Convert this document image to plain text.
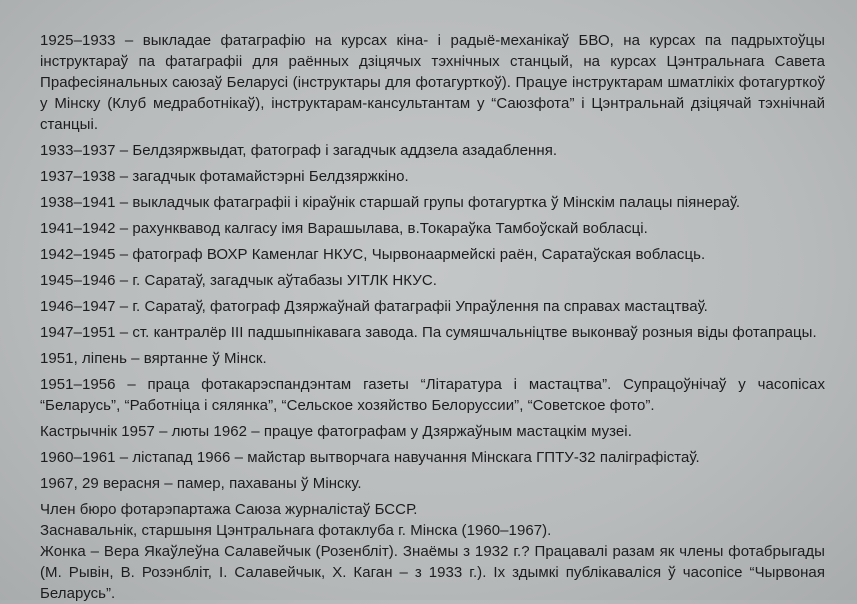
1925–1933 – выкладае фатаграфію на курсах кіна- і радыё-механікаў БВО, на курсах па падрыхтоўцы інструктараў па фатаграфіі для раённых дзіцячых тэхнічных станцый, на курсах Цэнтральнага Савета Прафесіянальных саюзаў Беларусі (інструктары для фотагурткоў). Працуе інструктарам шматлікіх фотагурткоў у Мінску (Клуб медработнікаў), інструктарам-кансультантам у “Саюзфота” і Цэнтральнай дзіцячай тэхнічнай станцыі.

1933–1937 – Белдзяржвыдат, фатограф і загадчык аддзела азадаблення.

1937–1938 – загадчык фотамайстэрні Белдзяржкіно.

1938–1941 – выкладчык фатаграфіі і кіраўнік старшай групы фотагуртка ў Мінскім палацы піянераў.

1941–1942 – рахунквавод калгасу імя Варашылава, в.Токараўка Тамбоўскай вобласці.

1942–1945 – фатограф ВОХР Каменлаг НКУС, Чырвонаармейскі раён, Саратаўская вобласць.

1945–1946 – г. Саратаў, загадчык аўтабазы УІТЛК НКУС.

1946–1947 – г. Саратаў, фатограф Дзяржаўнай фатаграфіі Упраўлення па справах мастацтваў.

1947–1951 – ст. кантралёр III падшыпнікавага завода. Па сумяшчальніцтве выконваў розныя віды фотапрацы.

1951, ліпень – вяртанне ў Мінск.

1951–1956 – праца фотакарэспандэнтам газеты “Літаратура і мастацтва”. Супрацоўнічаў у часопісах “Беларусь”, “Работніца і сялянка”, “Сельское хозяйство Белоруссии”, “Советское фото”.

Кастрычнік 1957 – люты 1962 – працуе фатографам у Дзяржаўным мастацкім музеі.

1960–1961 – лістапад 1966 – майстар вытворчага навучання Мінскага ГПТУ-32 паліграфістаў.

1967, 29 верасня – памер, пахаваны ў Мінску.

Член бюро фотарэпартажа Саюза журналістаў БССР.

Заснавальнік, старшыня Цэнтральнага фотаклуба г. Мінска (1960–1967).

Жонка – Вера Якаўлеўна Салавейчык (Розенбліт). Знаёмы з 1932 г.? Працавалі разам як члены фотабрыгады (М. Рывін, В. Розэнбліт, І. Салавейчык, Х. Каган – з 1933 г.). Іх здымкі публікаваліся ў часопісе “Чырвоная Беларусь”.
